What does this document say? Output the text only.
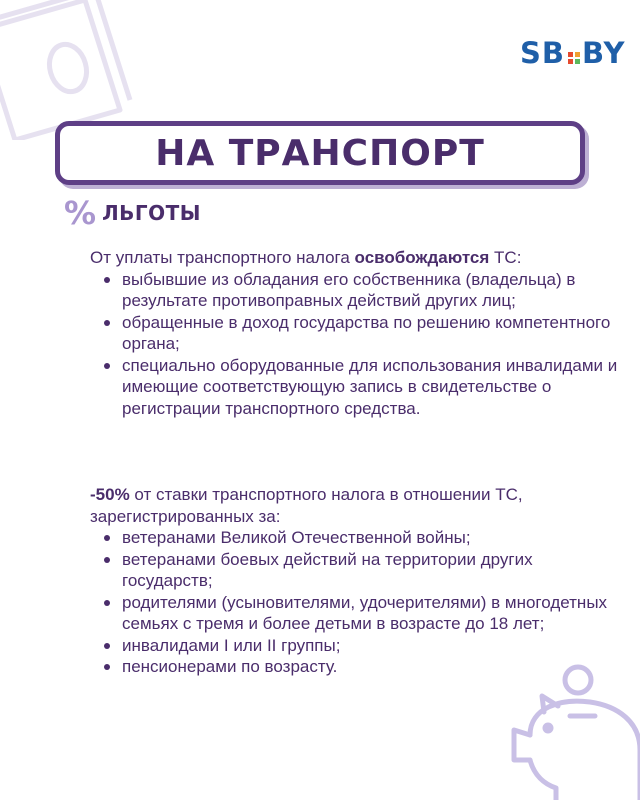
SB BY
НА ТРАНСПОРТ
% ЛЬГОТЫ

От уплаты транспортного налога освобождаются ТС:

выбывшие из обладания его собственника (владельца) в результате противоправных действий других лиц;
обращенные в доход государства по решению компетентного органа;
специально оборудованные для использования инвалидами и имеющие соответствующую запись в свидетельстве о регистрации транспортного средства.

-50% от ставки транспортного налога в отношении ТС, зарегистрированных за:

ветеранами Великой Отечественной войны;
ветеранами боевых действий на территории других государств;
родителями (усыновителями, удочерителями) в многодетных семьях с тремя и более детьми в возрасте до 18 лет;
инвалидами I или II группы;
пенсионерами по возрасту.
